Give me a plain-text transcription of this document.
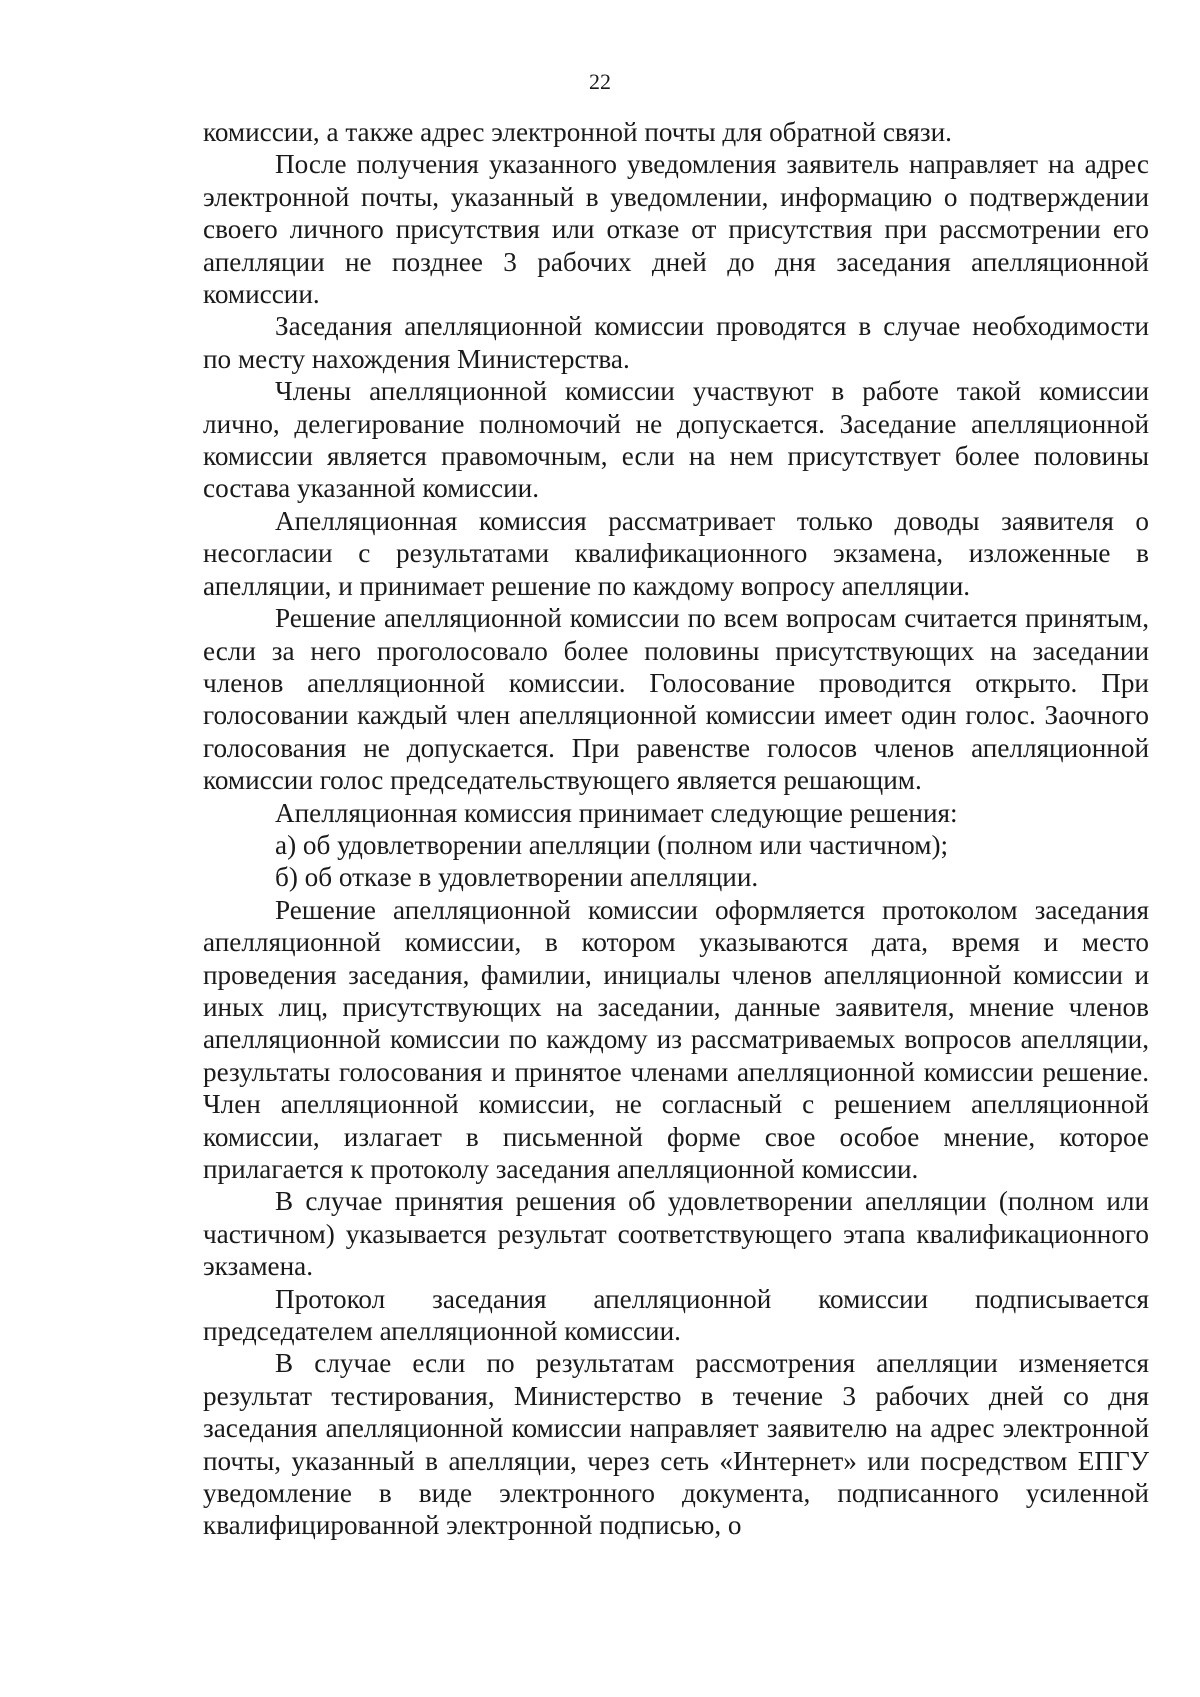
22

комиссии, а также адрес электронной почты для обратной связи.

После получения указанного уведомления заявитель направляет на адрес электронной почты, указанный в уведомлении, информацию о подтверждении своего личного присутствия или отказе от присутствия при рассмотрении его апелляции не позднее 3 рабочих дней до дня заседания апелляционной комиссии.

Заседания апелляционной комиссии проводятся в случае необходимости по месту нахождения Министерства.

Члены апелляционной комиссии участвуют в работе такой комиссии лично, делегирование полномочий не допускается. Заседание апелляционной комиссии является правомочным, если на нем присутствует более половины состава указанной комиссии.

Апелляционная комиссия рассматривает только доводы заявителя о несогласии с результатами квалификационного экзамена, изложенные в апелляции, и принимает решение по каждому вопросу апелляции.

Решение апелляционной комиссии по всем вопросам считается принятым, если за него проголосовало более половины присутствующих на заседании членов апелляционной комиссии. Голосование проводится открыто. При голосовании каждый член апелляционной комиссии имеет один голос. Заочного голосования не допускается. При равенстве голосов членов апелляционной комиссии голос председательствующего является решающим.

Апелляционная комиссия принимает следующие решения:

а) об удовлетворении апелляции (полном или частичном);

б) об отказе в удовлетворении апелляции.

Решение апелляционной комиссии оформляется протоколом заседания апелляционной комиссии, в котором указываются дата, время и место проведения заседания, фамилии, инициалы членов апелляционной комиссии и иных лиц, присутствующих на заседании, данные заявителя, мнение членов апелляционной комиссии по каждому из рассматриваемых вопросов апелляции, результаты голосования и принятое членами апелляционной комиссии решение. Член апелляционной комиссии, не согласный с решением апелляционной комиссии, излагает в письменной форме свое особое мнение, которое прилагается к протоколу заседания апелляционной комиссии.

В случае принятия решения об удовлетворении апелляции (полном или частичном) указывается результат соответствующего этапа квалификационного экзамена.

Протокол заседания апелляционной комиссии подписывается председателем апелляционной комиссии.

В случае если по результатам рассмотрения апелляции изменяется результат тестирования, Министерство в течение 3 рабочих дней со дня заседания апелляционной комиссии направляет заявителю на адрес электронной почты, указанный в апелляции, через сеть «Интернет» или посредством ЕПГУ уведомление в виде электронного документа, подписанного усиленной квалифицированной электронной подписью, о
